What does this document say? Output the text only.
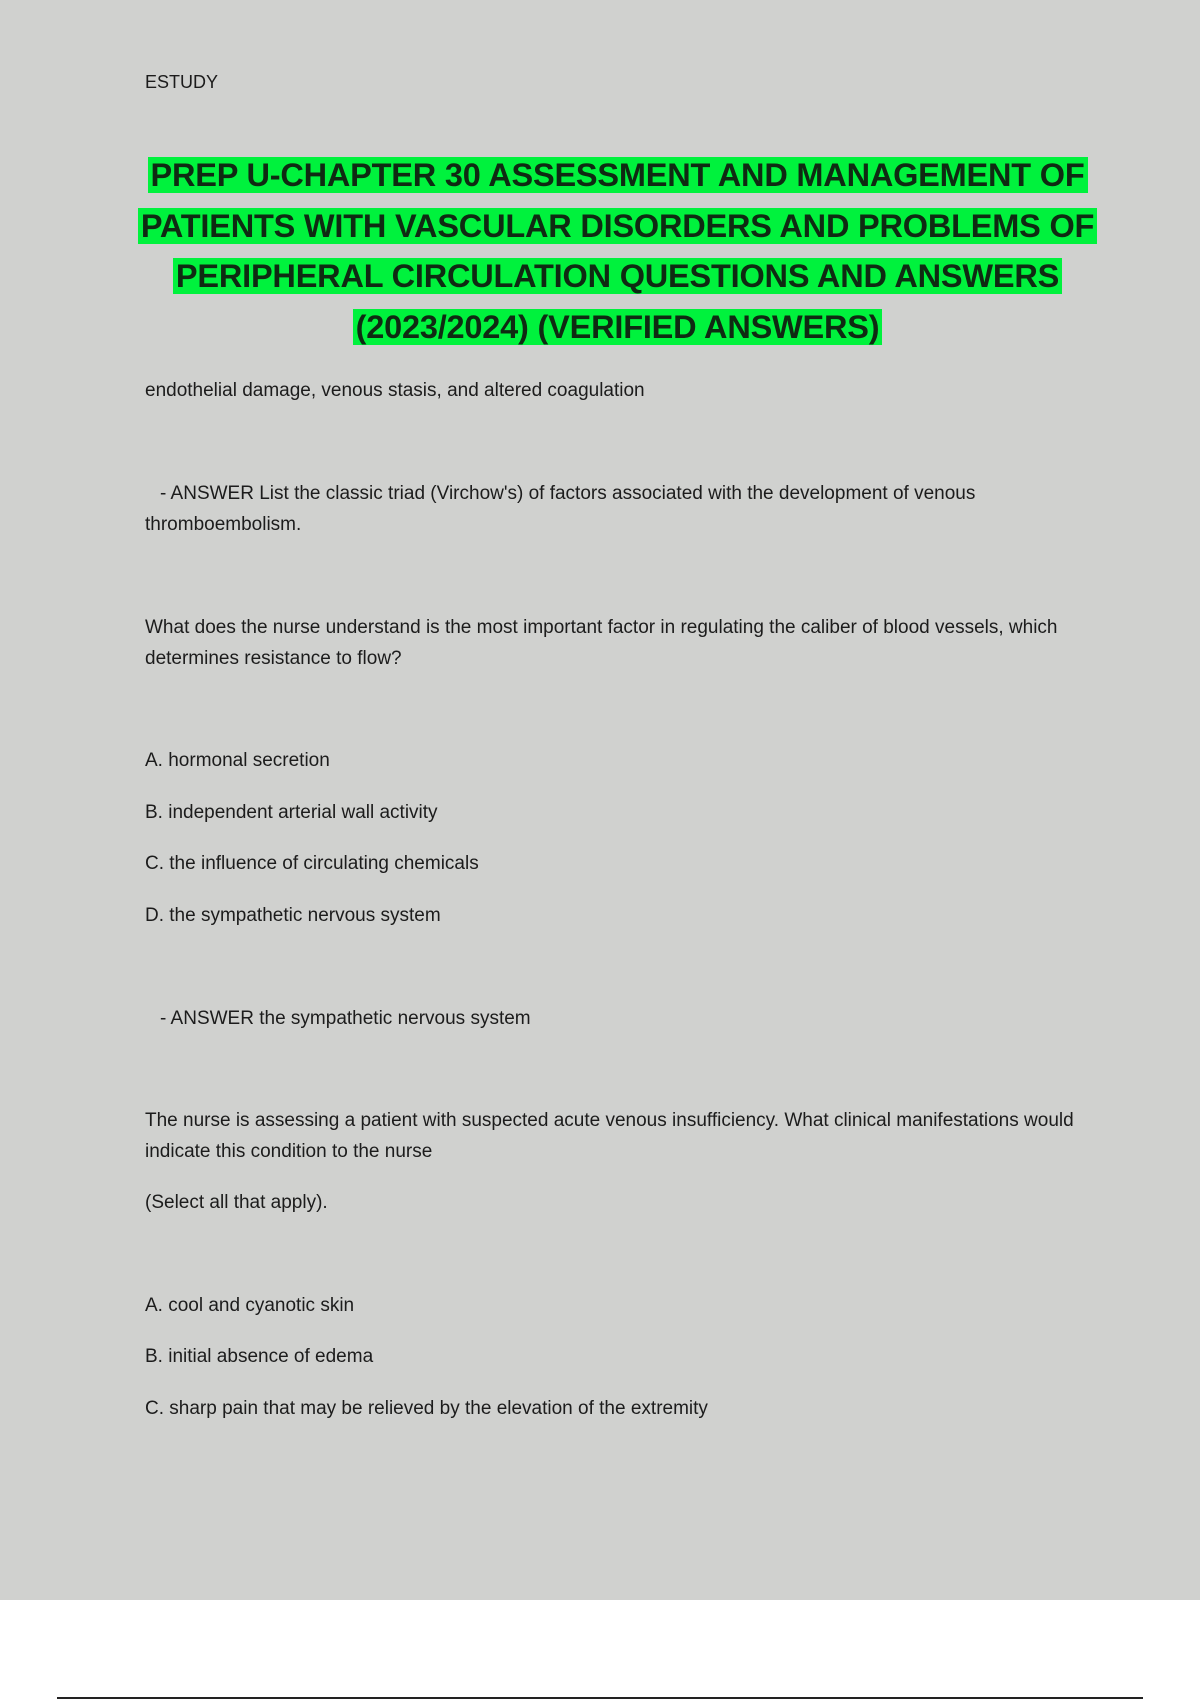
ESTUDY
PREP U-CHAPTER 30 ASSESSMENT AND MANAGEMENT OF
PATIENTS WITH VASCULAR DISORDERS AND PROBLEMS OF
PERIPHERAL CIRCULATION QUESTIONS AND ANSWERS
(2023/2024) (VERIFIED ANSWERS)
endothelial damage, venous stasis, and altered coagulation
- ANSWER List the classic triad (Virchow's) of factors associated with the development of venous thromboembolism.
What does the nurse understand is the most important factor in regulating the caliber of blood vessels, which determines resistance to flow?
A. hormonal secretion
B. independent arterial wall activity
C. the influence of circulating chemicals
D. the sympathetic nervous system
- ANSWER the sympathetic nervous system
The nurse is assessing a patient with suspected acute venous insufficiency. What clinical manifestations would indicate this condition to the nurse
(Select all that apply).
A. cool and cyanotic skin
B. initial absence of edema
C. sharp pain that may be relieved by the elevation of the extremity
